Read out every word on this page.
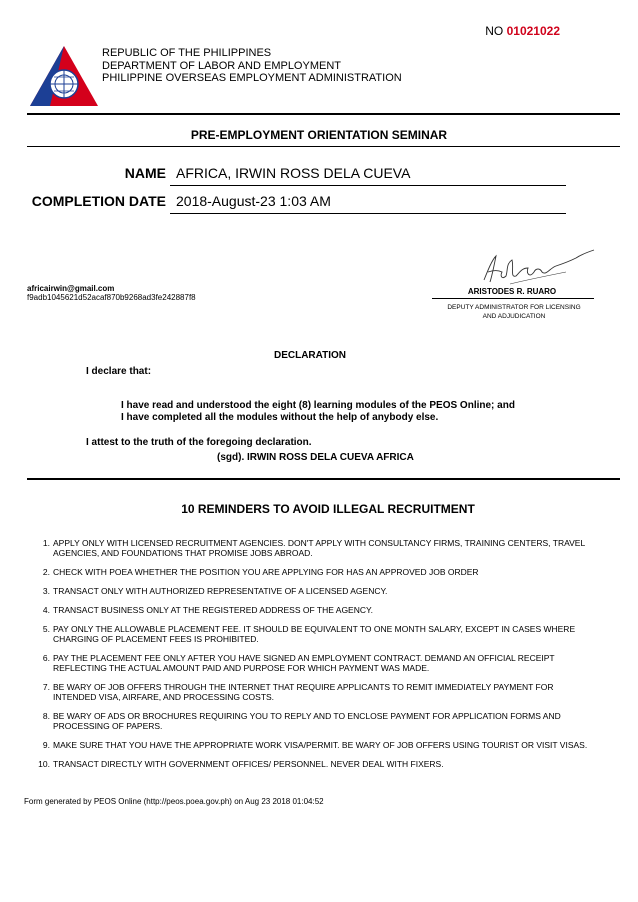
NO 01021022
REPUBLIC OF THE PHILIPPINES
DEPARTMENT OF LABOR AND EMPLOYMENT
PHILIPPINE OVERSEAS EMPLOYMENT ADMINISTRATION
PRE-EMPLOYMENT ORIENTATION SEMINAR
NAME AFRICA, IRWIN ROSS DELA CUEVA
COMPLETION DATE 2018-August-23 1:03 AM
africairwin@gmail.com
f9adb1045621d52acaf870b9268ad3fe242887f8
ARISTODES R. RUARO
DEPUTY ADMINISTRATOR FOR LICENSING
AND ADJUDICATION
DECLARATION
I declare that:
I have read and understood the eight (8) learning modules of the PEOS Online; and
I have completed all the modules without the help of anybody else.
I attest to the truth of the foregoing declaration.
(sgd). IRWIN ROSS DELA CUEVA AFRICA
10 REMINDERS TO AVOID ILLEGAL RECRUITMENT
1. APPLY ONLY WITH LICENSED RECRUITMENT AGENCIES. DON'T APPLY WITH CONSULTANCY FIRMS, TRAINING CENTERS, TRAVEL AGENCIES, AND FOUNDATIONS THAT PROMISE JOBS ABROAD.
2. CHECK WITH POEA WHETHER THE POSITION YOU ARE APPLYING FOR HAS AN APPROVED JOB ORDER
3. TRANSACT ONLY WITH AUTHORIZED REPRESENTATIVE OF A LICENSED AGENCY.
4. TRANSACT BUSINESS ONLY AT THE REGISTERED ADDRESS OF THE AGENCY.
5. PAY ONLY THE ALLOWABLE PLACEMENT FEE. IT SHOULD BE EQUIVALENT TO ONE MONTH SALARY, EXCEPT IN CASES WHERE CHARGING OF PLACEMENT FEES IS PROHIBITED.
6. PAY THE PLACEMENT FEE ONLY AFTER YOU HAVE SIGNED AN EMPLOYMENT CONTRACT. DEMAND AN OFFICIAL RECEIPT REFLECTING THE ACTUAL AMOUNT PAID AND PURPOSE FOR WHICH PAYMENT WAS MADE.
7. BE WARY OF JOB OFFERS THROUGH THE INTERNET THAT REQUIRE APPLICANTS TO REMIT IMMEDIATELY PAYMENT FOR INTENDED VISA, AIRFARE, AND PROCESSING COSTS.
8. BE WARY OF ADS OR BROCHURES REQUIRING YOU TO REPLY AND TO ENCLOSE PAYMENT FOR APPLICATION FORMS AND PROCESSING OF PAPERS.
9. MAKE SURE THAT YOU HAVE THE APPROPRIATE WORK VISA/PERMIT. BE WARY OF JOB OFFERS USING TOURIST OR VISIT VISAS.
10. TRANSACT DIRECTLY WITH GOVERNMENT OFFICES/ PERSONNEL. NEVER DEAL WITH FIXERS.
Form generated by PEOS Online (http://peos.poea.gov.ph) on Aug 23 2018 01:04:52
